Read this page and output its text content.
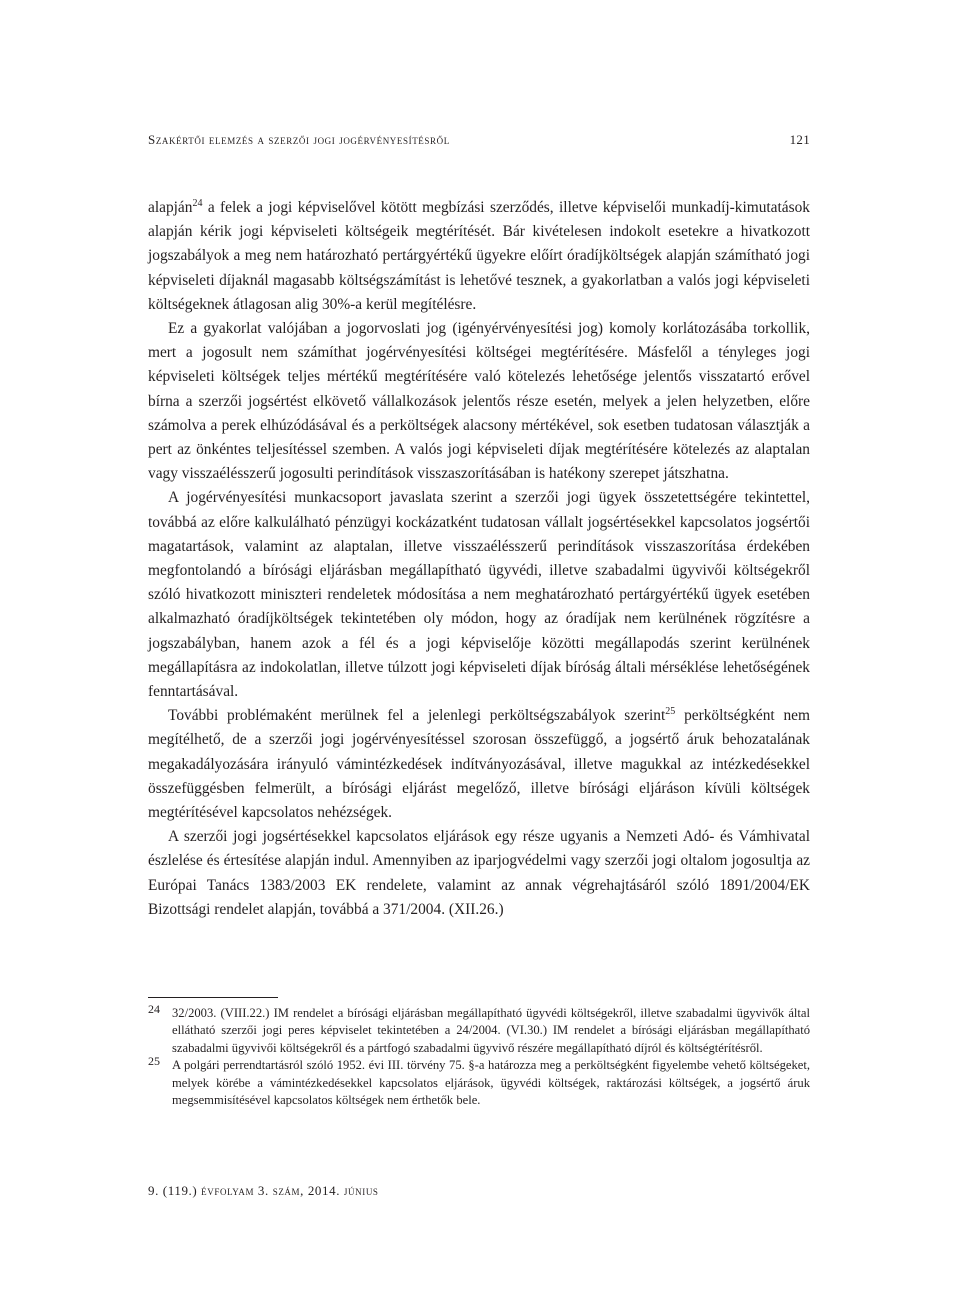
Szakértői elemzés a szerzői jogi jogérvényesítésről	121

alapján$^{24}$ a felek a jogi képviselővel kötött megbízási szerződés, illetve képviselői munkadíj-kimutatások alapján kérik jogi képviseleti költségeik megtérítését. Bár kivételesen indokolt esetekre a hivatkozott jogszabályok a meg nem határozható pertárgyértékű ügyekre előírt óradíjköltségek alapján számítható jogi képviseleti díjaknál magasabb költségszámítást is lehetővé tesznek, a gyakorlatban a valós jogi képviseleti költségeknek átlagosan alig 30%-a kerül megítélésre.

Ez a gyakorlat valójában a jogorvoslati jog (igényérvényesítési jog) komoly korlátozásába torkollik, mert a jogosult nem számíthat jogérvényesítési költségei megtérítésére. Másfelől a tényleges jogi képviseleti költségek teljes mértékű megtérítésére való kötelezés lehetősége jelentős visszatartó erővel bírna a szerzői jogsértést elkövető vállalkozások jelentős része esetén, melyek a jelen helyzetben, előre számolva a perek elhúzódásával és a perköltségek alacsony mértékével, sok esetben tudatosan választják a pert az önkéntes teljesítéssel szemben. A valós jogi képviseleti díjak megtérítésére kötelezés az alaptalan vagy visszaélésszerű jogosulti perindítások visszaszorításában is hatékony szerepet játszhatna.

A jogérvényesítési munkacsoport javaslata szerint a szerzői jogi ügyek összetettségére tekintettel, továbbá az előre kalkulálható pénzügyi kockázatként tudatosan vállalt jogsértésekkel kapcsolatos jogsértői magatartások, valamint az alaptalan, illetve visszaélésszerű perindítások visszaszorítása érdekében megfontolandó a bírósági eljárásban megállapítható ügyvédi, illetve szabadalmi ügyvivői költségekről szóló hivatkozott miniszteri rendeletek módosítása a nem meghatározható pertárgyértékű ügyek esetében alkalmazható óradíjköltségek tekintetében oly módon, hogy az óradíjak nem kerülnének rögzítésre a jogszabályban, hanem azok a fél és a jogi képviselője közötti megállapodás szerint kerülnének megállapításra az indokolatlan, illetve túlzott jogi képviseleti díjak bíróság általi mérséklése lehetőségének fenntartásával.

További problémaként merülnek fel a jelenlegi perköltségszabályok szerint$^{25}$ perköltségként nem megítélhető, de a szerzői jogi jogérvényesítéssel szorosan összefüggő, a jogsértő áruk behozatalának megakadályozására irányuló vámintézkedések indítványozásával, illetve magukkal az intézkedésekkel összefüggésben felmerült, a bírósági eljárást megelőző, illetve bírósági eljáráson kívüli költségek megtérítésével kapcsolatos nehézségek.

A szerzői jogi jogsértésekkel kapcsolatos eljárások egy része ugyanis a Nemzeti Adó- és Vámhivatal észlelése és értesítése alapján indul. Amennyiben az iparjogvédelmi vagy szerzői jogi oltalom jogosultja az Európai Tanács 1383/2003 EK rendelete, valamint az annak végrehajtásáról szóló 1891/2004/EK Bizottsági rendelet alapján, továbbá a 371/2004. (XII.26.)

24 32/2003. (VIII.22.) IM rendelet a bírósági eljárásban megállapítható ügyvédi költségekről, illetve szabadalmi ügyvivők által ellátható szerzői jogi peres képviselet tekintetében a 24/2004. (VI.30.) IM rendelet a bírósági eljárásban megállapítható szabadalmi ügyvivői költségekről és a pártfogó szabadalmi ügyvivő részére megállapítható díjról és költségtérítésről.
25 A polgári perrendtartásról szóló 1952. évi III. törvény 75. §-a határozza meg a perköltségként figyelembe vehető költségeket, melyek körébe a vámintézkedésekkel kapcsolatos eljárások, ügyvédi költségek, raktározási költségek, a jogsértő áruk megsemmisítésével kapcsolatos költségek nem érthetők bele.
9. (119.) évfolyam 3. szám, 2014. június
